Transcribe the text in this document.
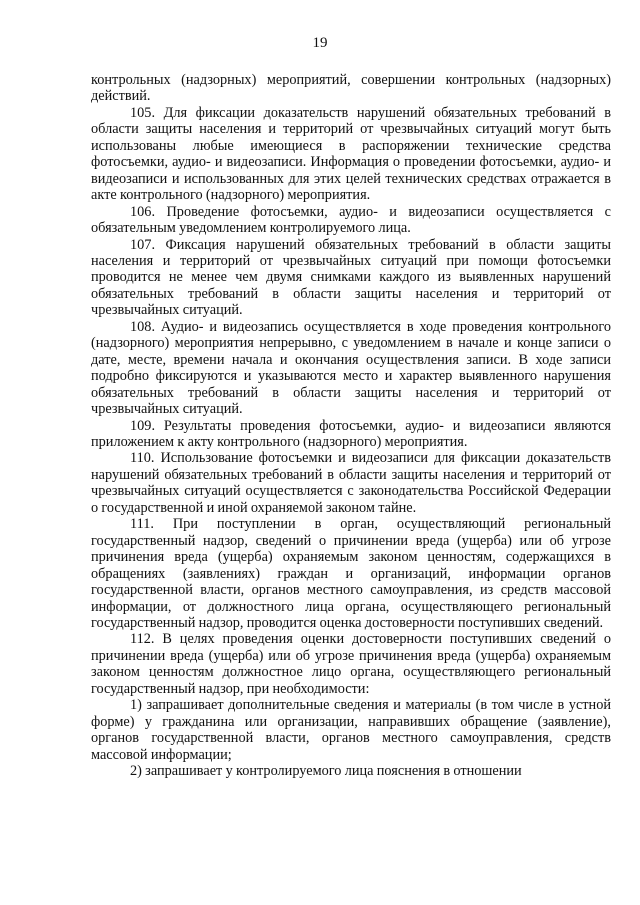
19

контрольных (надзорных) мероприятий, совершении контрольных (надзорных) действий.

105. Для фиксации доказательств нарушений обязательных требований в области защиты населения и территорий от чрезвычайных ситуаций могут быть использованы любые имеющиеся в распоряжении технические средства фотосъемки, аудио- и видеозаписи. Информация о проведении фотосъемки, аудио- и видеозаписи и использованных для этих целей технических средствах отражается в акте контрольного (надзорного) мероприятия.

106. Проведение фотосъемки, аудио- и видеозаписи осуществляется с обязательным уведомлением контролируемого лица.

107. Фиксация нарушений обязательных требований в области защиты населения и территорий от чрезвычайных ситуаций при помощи фотосъемки проводится не менее чем двумя снимками каждого из выявленных нарушений обязательных требований в области защиты населения и территорий от чрезвычайных ситуаций.

108. Аудио- и видеозапись осуществляется в ходе проведения контрольного (надзорного) мероприятия непрерывно, с уведомлением в начале и конце записи о дате, месте, времени начала и окончания осуществления записи. В ходе записи подробно фиксируются и указываются место и характер выявленного нарушения обязательных требований в области защиты населения и территорий от чрезвычайных ситуаций.

109. Результаты проведения фотосъемки, аудио- и видеозаписи являются приложением к акту контрольного (надзорного) мероприятия.

110. Использование фотосъемки и видеозаписи для фиксации доказательств нарушений обязательных требований в области защиты населения и территорий от чрезвычайных ситуаций осуществляется с законодательства Российской Федерации о государственной и иной охраняемой законом тайне.

111. При поступлении в орган, осуществляющий региональный государственный надзор, сведений о причинении вреда (ущерба) или об угрозе причинения вреда (ущерба) охраняемым законом ценностям, содержащихся в обращениях (заявлениях) граждан и организаций, информации органов государственной власти, органов местного самоуправления, из средств массовой информации, от должностного лица органа, осуществляющего региональный государственный надзор, проводится оценка достоверности поступивших сведений.

112. В целях проведения оценки достоверности поступивших сведений о причинении вреда (ущерба) или об угрозе причинения вреда (ущерба) охраняемым законом ценностям должностное лицо органа, осуществляющего региональный государственный надзор, при необходимости:

1) запрашивает дополнительные сведения и материалы (в том числе в устной форме) у гражданина или организации, направивших обращение (заявление), органов государственной власти, органов местного самоуправления, средств массовой информации;

2) запрашивает у контролируемого лица пояснения в отношении
